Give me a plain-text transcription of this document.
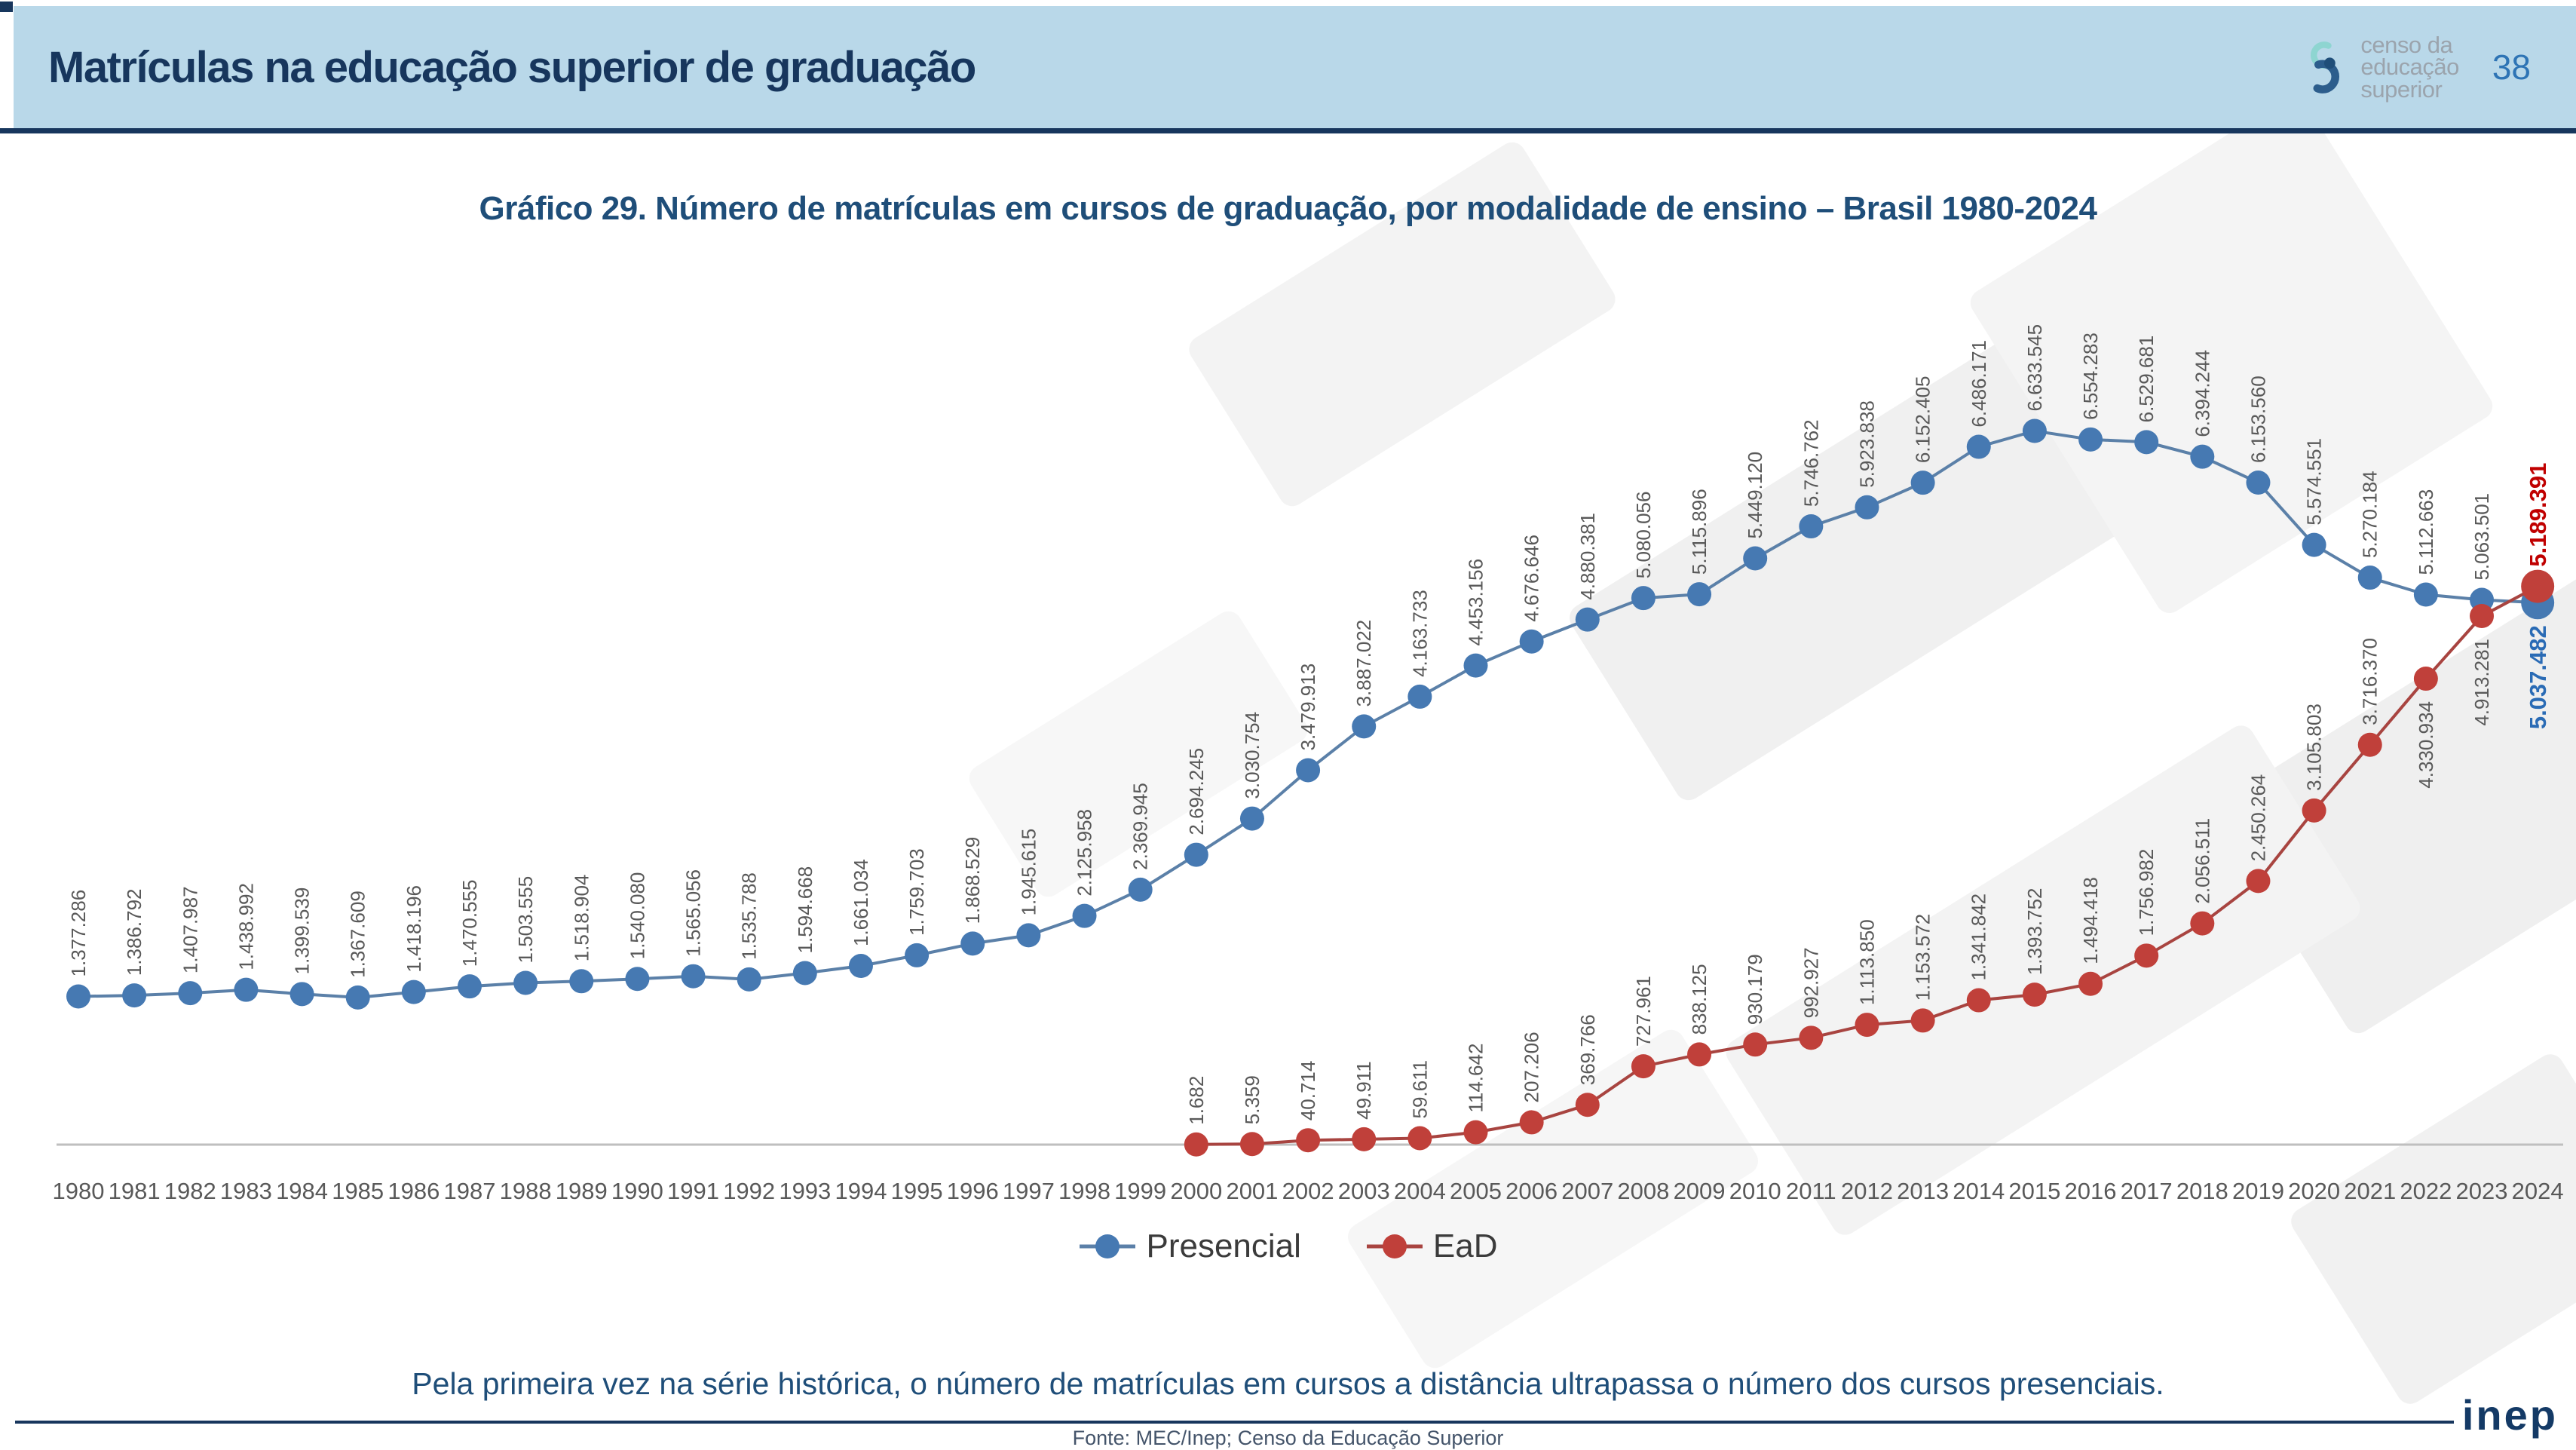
Matrículas na educação superior de graduação	censo da
educação
superior
38
Gráfico 29. Número de matrículas em cursos de graduação, por modalidade de ensino – Brasil 1980-2024
1980 1981 1982 1983 1984 1985 1986 1987 1988 1989 1990 1991 1992 1993 1994 1995 1996 1997 1998 1999 2000 2001 2002 2003 2004 2005 2006 2007 2008 2009 2010 2011 2012 2013 2014 2015 2016 2017 2018 2019 2020 2021 2022 2023 2024
1.377.286 1.386.792 1.407.987 1.438.992 1.399.539 1.367.609 1.418.196 1.470.555 1.503.555 1.518.904 1.540.080 1.565.056 1.535.788 1.594.668 1.661.034 1.759.703 1.868.529 1.945.615 2.125.958 2.369.945 2.694.245 3.030.754
3.479.913
3.887.022 4.163.733 4.453.156 4.676.646 4.880.381 5.080.056 5.115.896 5.449.120 5.746.762 5.923.838 6.152.405 6.486.171 6.633.545 6.554.283 6.529.681 6.394.244 6.153.560
5.574.551 5.270.184 5.112.663 5.063.501
5.037.482
1.682 5.359 40.714 49.911 59.611 114.642 207.206 369.766
727.961 838.125 930.179 992.927 1.113.850 1.153.572 1.341.842 1.393.752 1.494.418 1.756.982 2.056.511 2.450.264
3.105.803
3.716.370
4.330.934
4.913.281
5.189.391
Presencial	EaD
Pela primeira vez na série histórica, o número de matrículas em cursos a distância ultrapassa o número dos cursos presenciais.
Fonte: MEC/Inep; Censo da Educação Superior	inep
